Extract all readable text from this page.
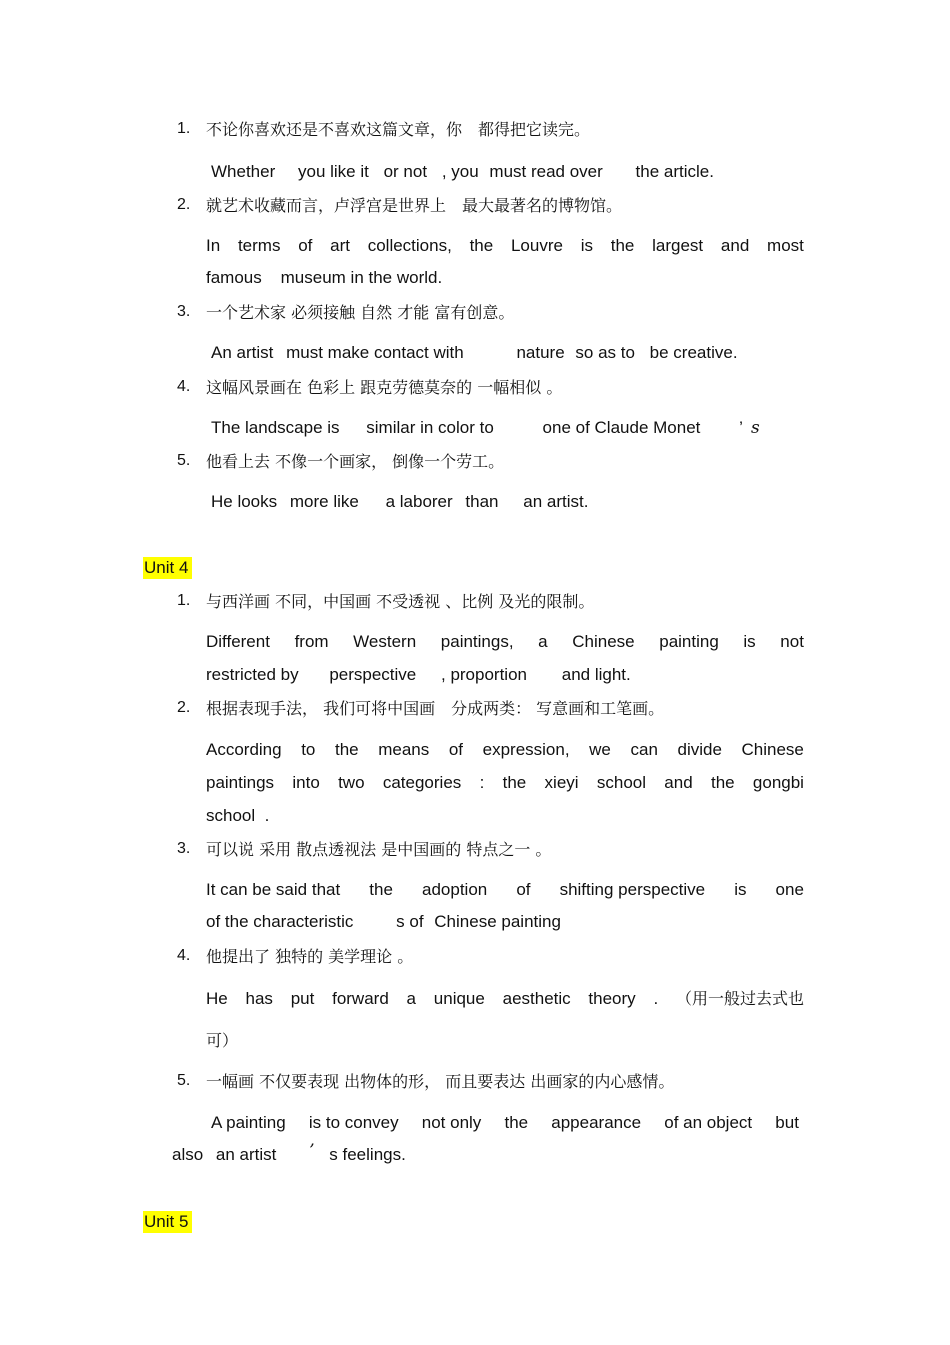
1. 不论你喜欢还是不喜欢这篇文章，你　都得把它读完。
Whether you like it or not , you must read over the article.
2. 就艺术收藏而言，卢浮宫是世界上　最大最著名的博物馆。
In terms of art collections, the Louvre is the largest and most
famous    museum in the world.
3. 一个艺术家 必须接触 自然 才能 富有创意。
An artist must make contact with	nature so as to be creative.
4. 这幅风景画在 色彩上 跟克劳德莫奈的 一幅相似 。
The landscape is similar in color to	one of Claude Monet ’ s
5. 他看上去 不像一个画家， 倒像一个劳工。
He looks more like a laborer than an artist.
Unit 4
1. 与西洋画 不同，中国画 不受透视 、比例 及光的限制。
Different from Western paintings, a Chinese painting is not
restricted by perspective , proportion and light.
2. 根据表现手法， 我们可将中国画　分成两类： 写意画和工笔画。
According to the means of expression, we can divide Chinese
paintings into two categories : the xieyi school and the gongbi
school  .
3. 可以说 采用 散点透视法 是中国画的 特点之一 。
It can be said that the adoption of shifting perspective is one
of the characteristic	s of Chinese painting
4. 他提出了 独特的 美学理论 。
He has put forward a unique aesthetic theory . （用一般过去式也
可）
5. 一幅画 不仅要表现 出物体的形， 而且要表达 出画家的内心感情。
A painting is to convey not only the appearance of an object but
also an artist ’ s feelings.
Unit 5
